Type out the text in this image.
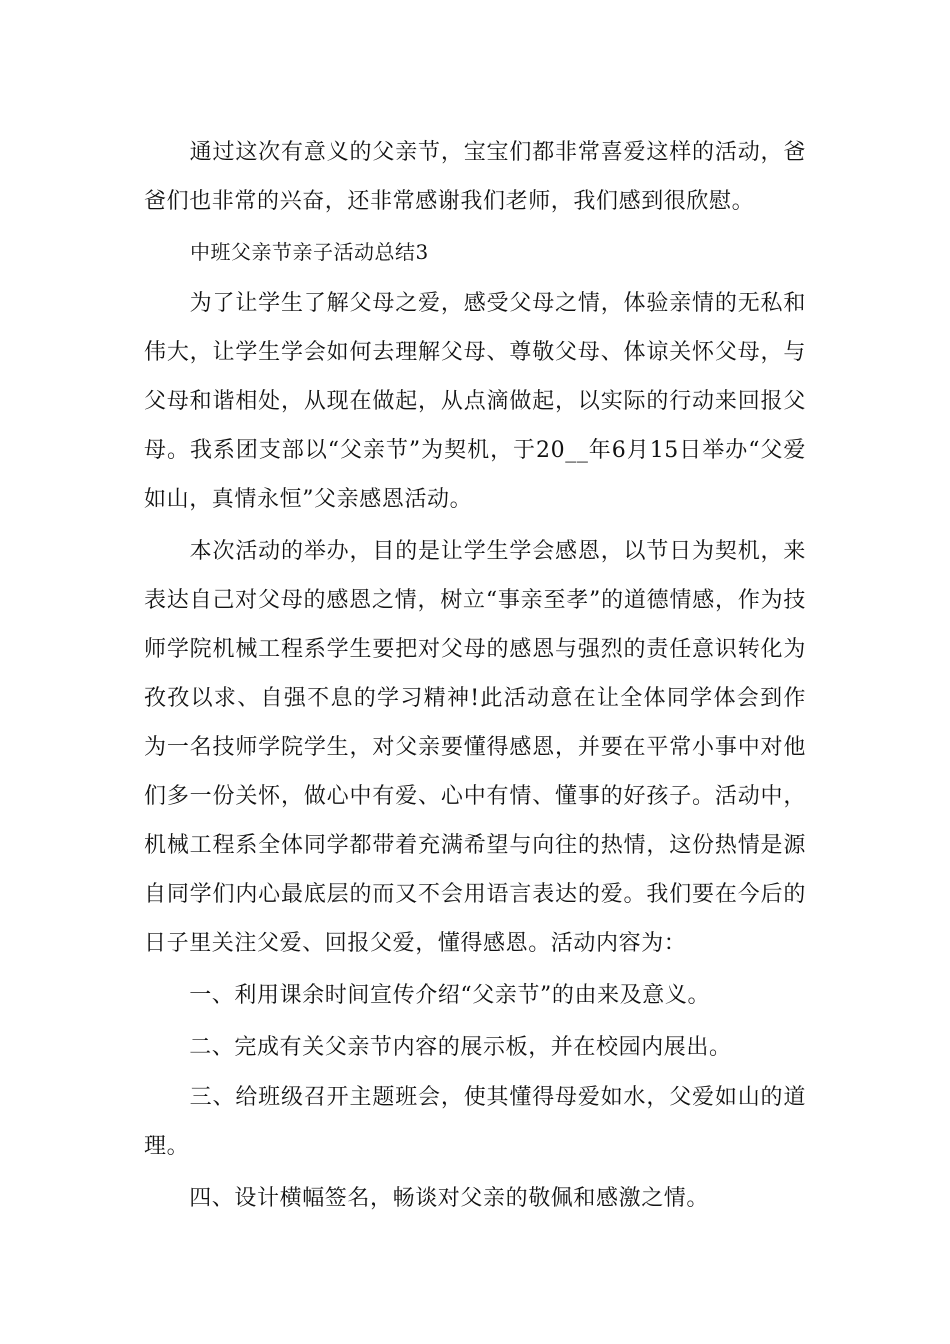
　　通过这次有意义的父亲节，宝宝们都非常喜爱这样的活动，爸爸们也非常的兴奋，还非常感谢我们老师，我们感到很欣慰。

中班父亲节亲子活动总结3

　　为了让学生了解父母之爱，感受父母之情，体验亲情的无私和伟大，让学生学会如何去理解父母、尊敬父母、体谅关怀父母，与父母和谐相处，从现在做起，从点滴做起，以实际的行动来回报父母。我系团支部以“父亲节”为契机，于20__年6月15日举办“父爱如山，真情永恒”父亲感恩活动。

　　本次活动的举办，目的是让学生学会感恩，以节日为契机，来表达自己对父母的感恩之情，树立“事亲至孝”的道德情感，作为技师学院机械工程系学生要把对父母的感恩与强烈的责任意识转化为孜孜以求、自强不息的学习精神!此活动意在让全体同学体会到作为一名技师学院学生，对父亲要懂得感恩，并要在平常小事中对他们多一份关怀，做心中有爱、心中有情、懂事的好孩子。活动中，机械工程系全体同学都带着充满希望与向往的热情，这份热情是源自同学们内心最底层的而又不会用语言表达的爱。我们要在今后的日子里关注父爱、回报父爱，懂得感恩。活动内容为：

　　一、利用课余时间宣传介绍“父亲节”的由来及意义。

　　二、完成有关父亲节内容的展示板，并在校园内展出。

　　三、给班级召开主题班会，使其懂得母爱如水，父爱如山的道理。

　　四、设计横幅签名，畅谈对父亲的敬佩和感激之情。
